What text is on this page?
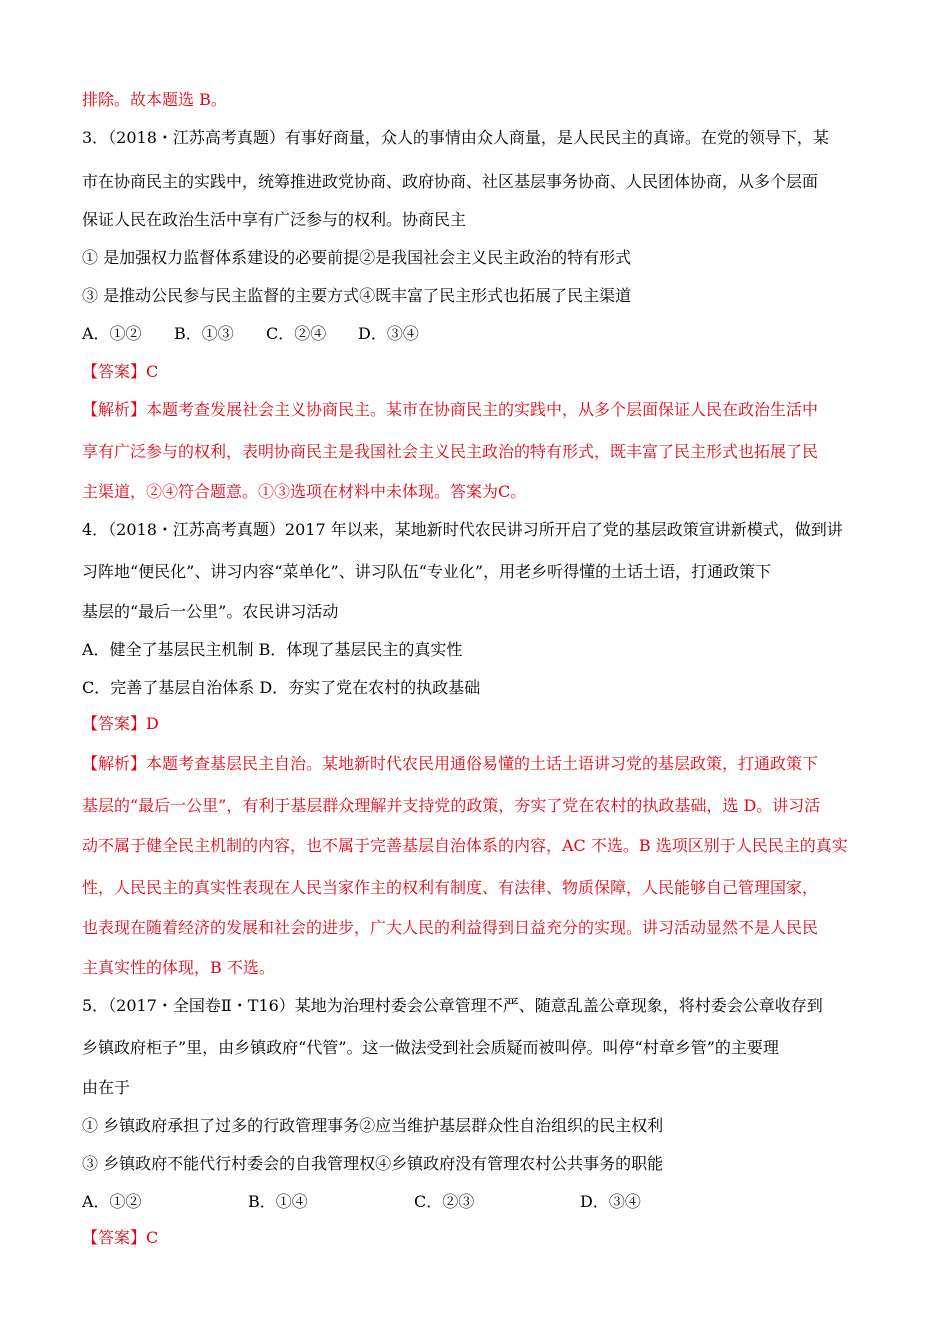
排除。故本题选 B。
3．（2018・江苏高考真题）有事好商量，众人的事情由众人商量，是人民民主的真谛。在党的领导下，某
市在协商民主的实践中，统筹推进政党协商、政府协商、社区基层事务协商、人民团体协商，从多个层面
保证人民在政治生活中享有广泛参与的权利。协商民主
① 是加强权力监督体系建设的必要前提②是我国社会主义民主政治的特有形式
③ 是推动公民参与民主监督的主要方式④既丰富了民主形式也拓展了民主渠道
A．①② B．①③ C．②④ D．③④
【答案】C
【解析】本题考查发展社会主义协商民主。某市在协商民主的实践中，从多个层面保证人民在政治生活中
享有广泛参与的权利，表明协商民主是我国社会主义民主政治的特有形式，既丰富了民主形式也拓展了民
主渠道，②④符合题意。①③选项在材料中未体现。答案为C。
4．（2018・江苏高考真题）2017 年以来，某地新时代农民讲习所开启了党的基层政策宣讲新模式，做到讲
习阵地“便民化”、讲习内容“菜单化”、讲习队伍“专业化”，用老乡听得懂的土话土语，打通政策下
基层的“最后一公里”。农民讲习活动
A．健全了基层民主机制 B．体现了基层民主的真实性
C．完善了基层自治体系 D．夯实了党在农村的执政基础
【答案】D
【解析】本题考查基层民主自治。某地新时代农民用通俗易懂的土话土语讲习党的基层政策，打通政策下
基层的“最后一公里”，有利于基层群众理解并支持党的政策，夯实了党在农村的执政基础，选 D。讲习活
动不属于健全民主机制的内容，也不属于完善基层自治体系的内容，AC 不选。B 选项区别于人民民主的真实
性，人民民主的真实性表现在人民当家作主的权利有制度、有法律、物质保障，人民能够自己管理国家，
也表现在随着经济的发展和社会的进步，广大人民的利益得到日益充分的实现。讲习活动显然不是人民民
主真实性的体现，B 不选。
5．（2017・全国卷Ⅱ・T16）某地为治理村委会公章管理不严、随意乱盖公章现象，将村委会公章收存到
乡镇政府柜子”里，由乡镇政府“代管”。这一做法受到社会质疑而被叫停。叫停“村章乡管”的主要理
由在于
① 乡镇政府承担了过多的行政管理事务②应当维护基层群众性自治组织的民主权利
③ 乡镇政府不能代行村委会的自我管理权④乡镇政府没有管理农村公共事务的职能
A．①②	B．①④	C．②③	D．③④
【答案】C
